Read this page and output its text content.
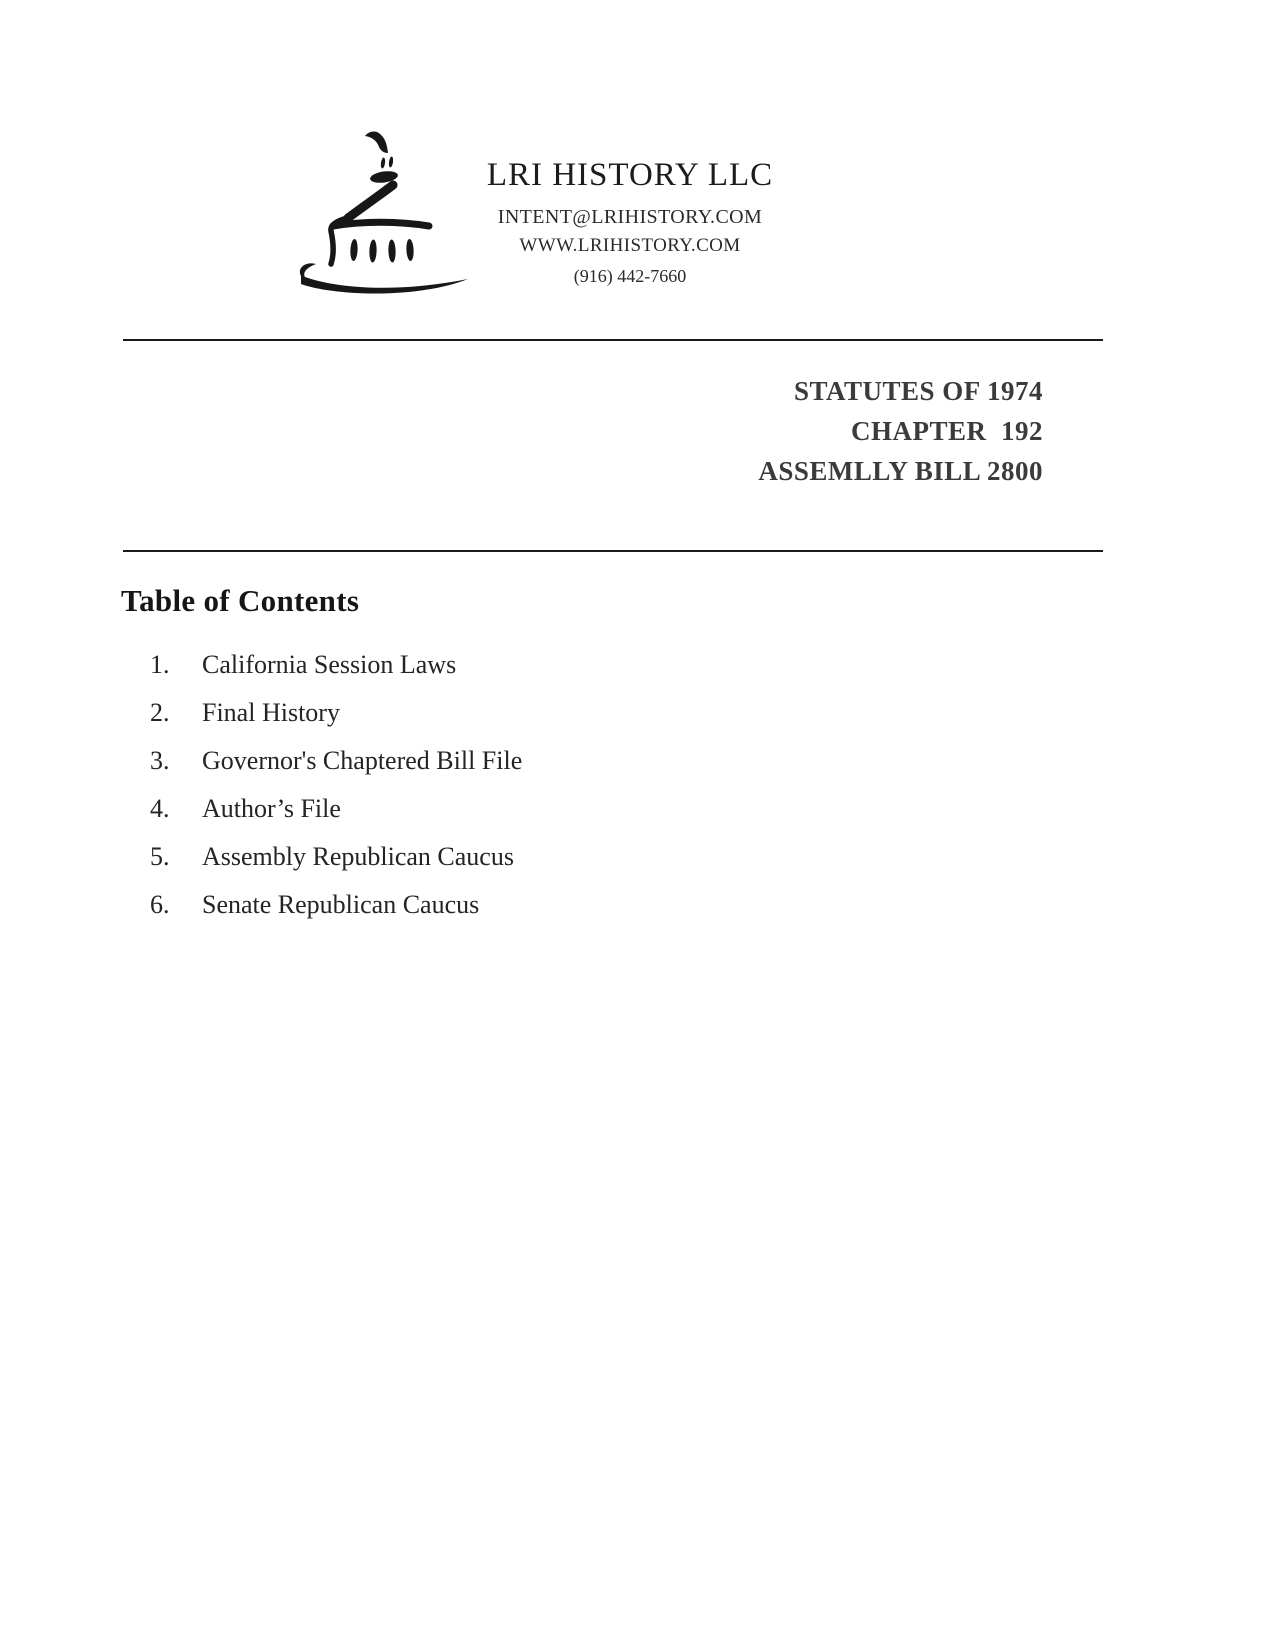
LRI HISTORY LLC
INTENT@LRIHISTORY.COM
WWW.LRIHISTORY.COM
(916) 442-7660
STATUTES OF 1974
CHAPTER  192
ASSEMLLY BILL 2800
Table of Contents
1.	California Session Laws
2.	Final History
3.	Governor's Chaptered Bill File
4.	Author’s File
5.	Assembly Republican Caucus
6.	Senate Republican Caucus
